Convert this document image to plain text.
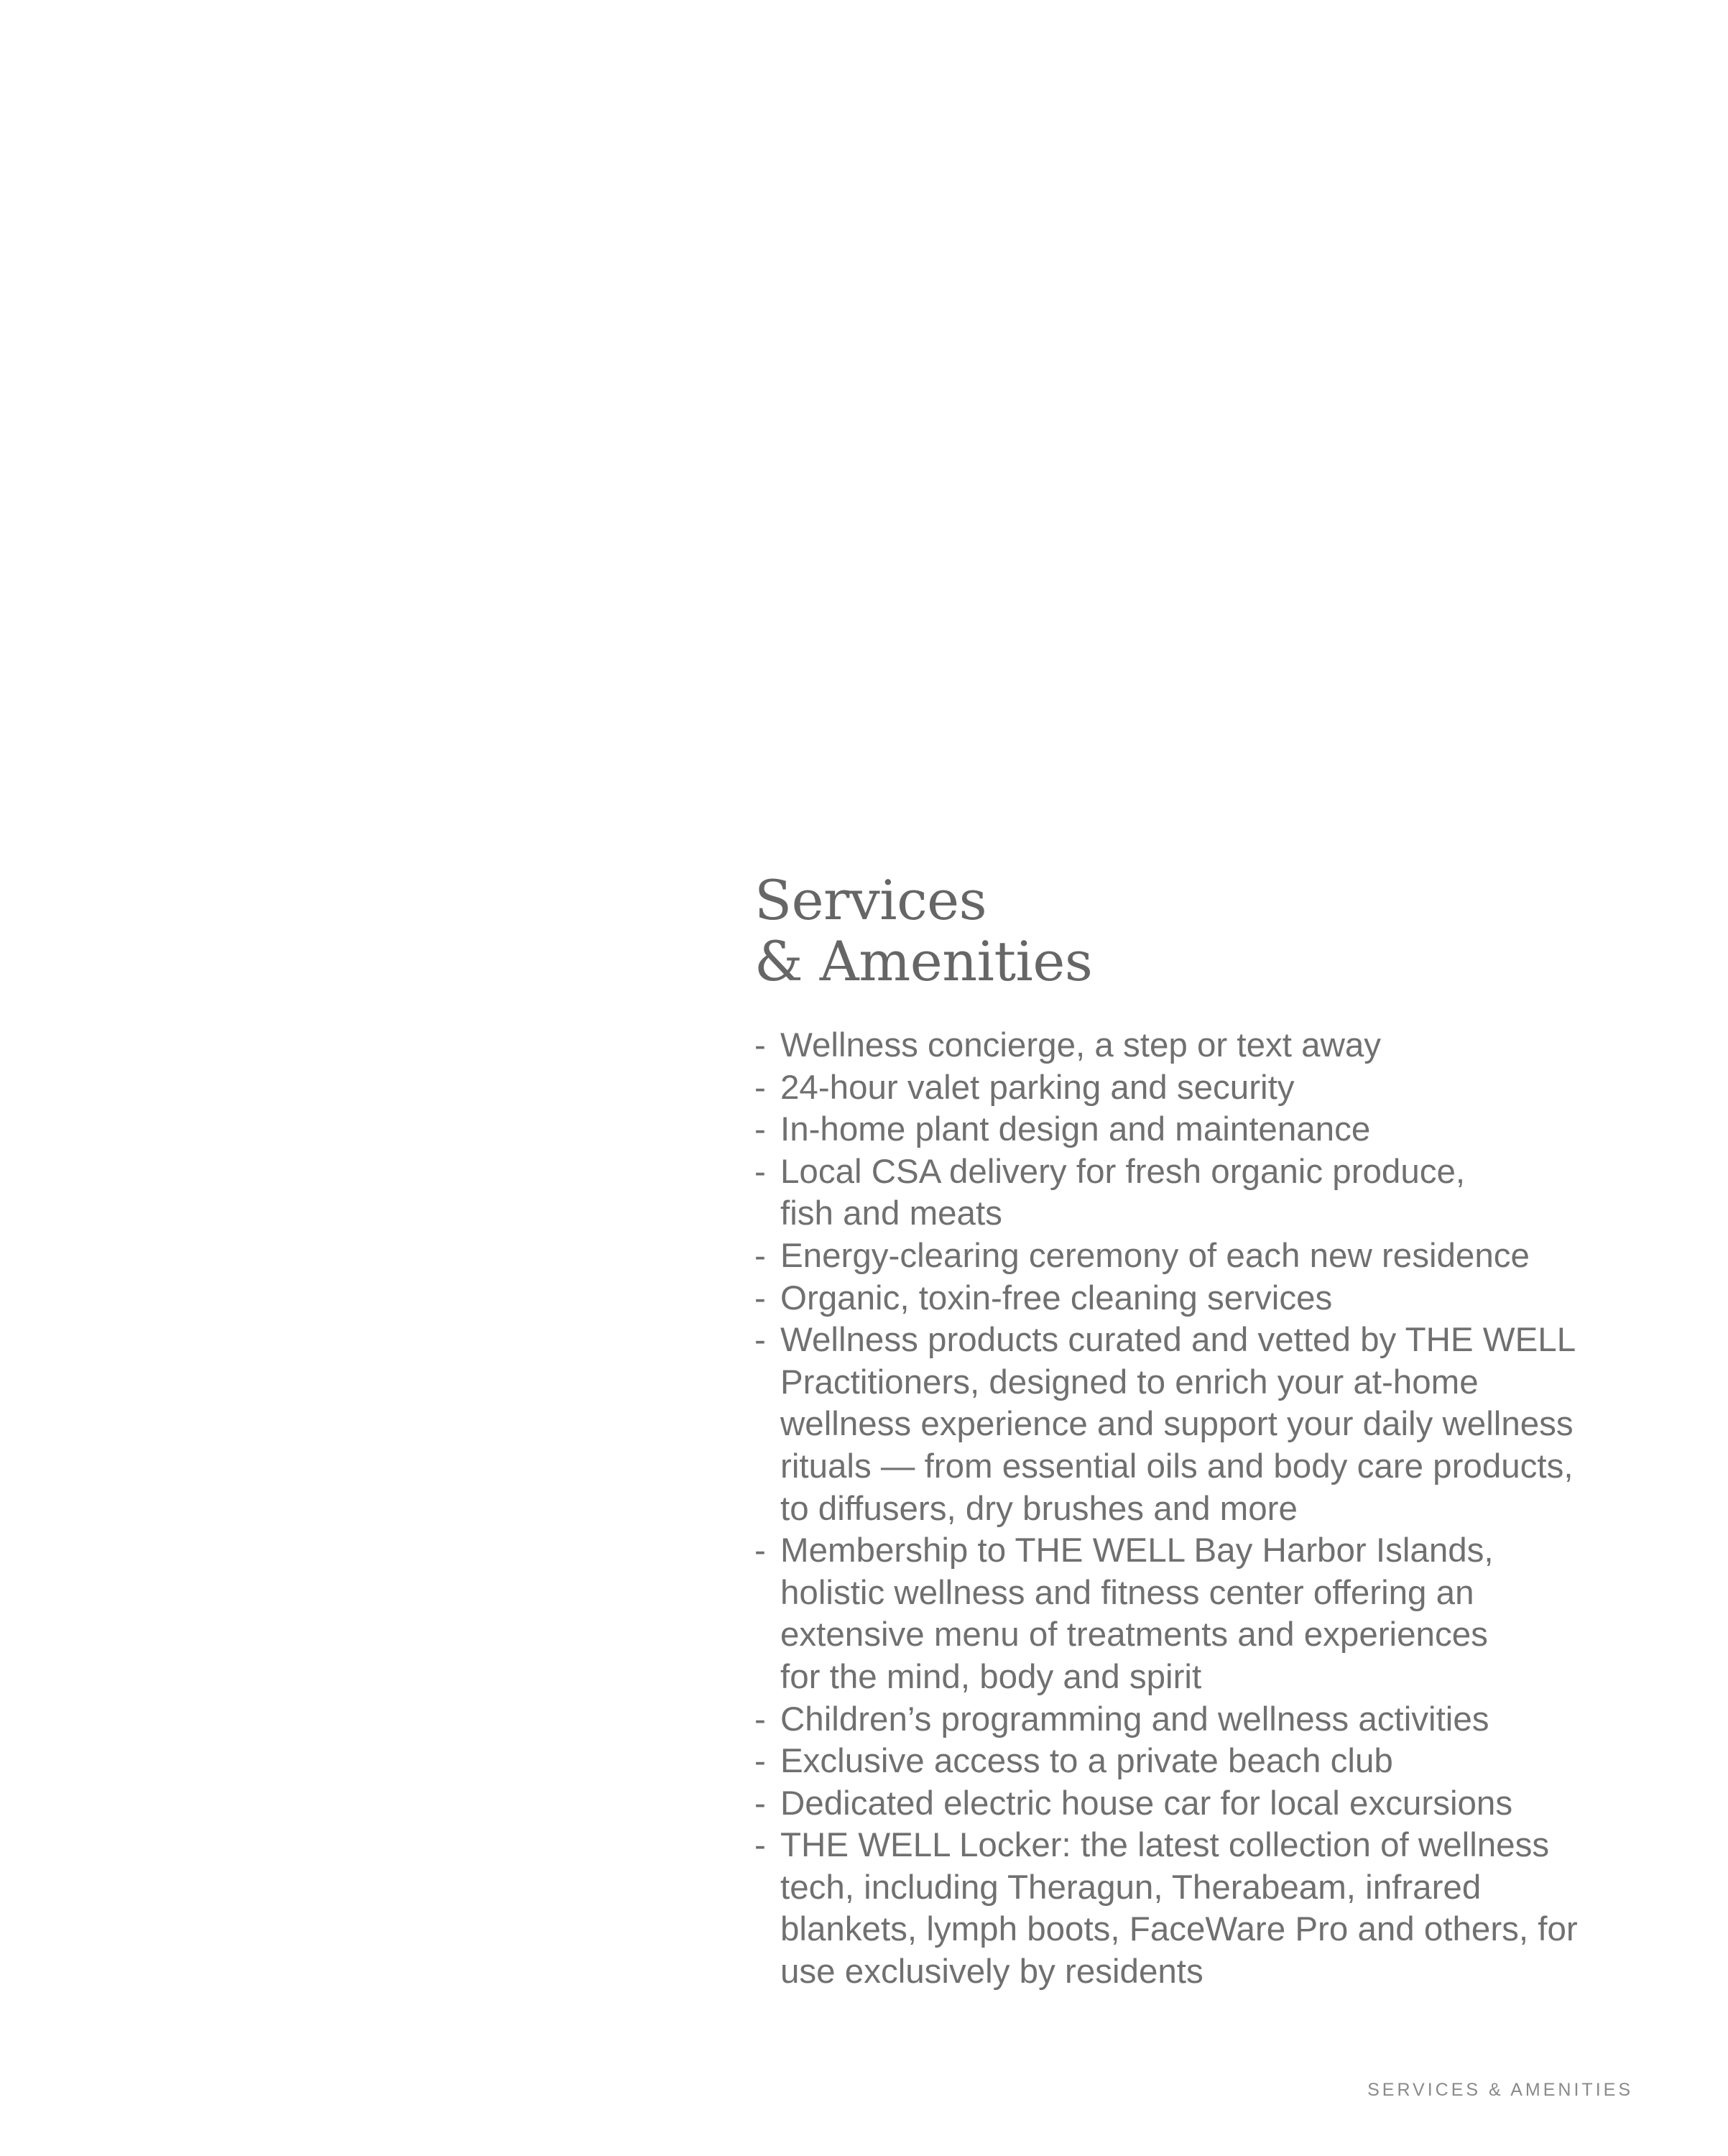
Services
& Amenities
- Wellness concierge, a step or text away
- 24-hour valet parking and security
- In-home plant design and maintenance
- Local CSA delivery for fresh organic produce,
fish and meats
- Energy-clearing ceremony of each new residence
- Organic, toxin-free cleaning services
- Wellness products curated and vetted by THE WELL
Practitioners, designed to enrich your at-home
wellness experience and support your daily wellness
rituals — from essential oils and body care products,
to diffusers, dry brushes and more
- Membership to THE WELL Bay Harbor Islands,
holistic wellness and fitness center offering an
extensive menu of treatments and experiences
for the mind, body and spirit
- Children’s programming and wellness activities
- Exclusive access to a private beach club
- Dedicated electric house car for local excursions
- THE WELL Locker: the latest collection of wellness
tech, including Theragun, Therabeam, infrared
blankets, lymph boots, FaceWare Pro and others, for
use exclusively by residents
SERVICES & AMENITIES
